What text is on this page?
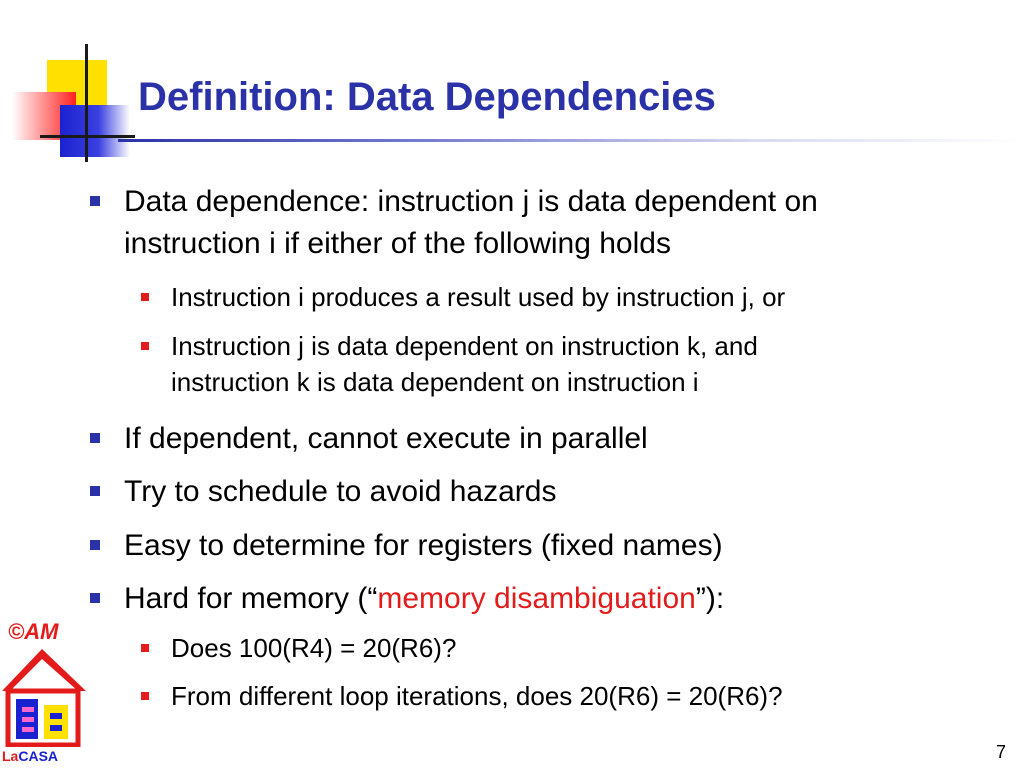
Definition: Data Dependencies
Data dependence: instruction j is data dependent on
instruction i if either of the following holds
Instruction i produces a result used by instruction j, or
Instruction j is data dependent on instruction k, and
instruction k is data dependent on instruction i
If dependent, cannot execute in parallel
Try to schedule to avoid hazards
Easy to determine for registers (fixed names)
Hard for memory (“memory disambiguation”):
Does 100(R4) = 20(R6)?
From different loop iterations, does 20(R6) = 20(R6)?
©AM
LaCASA	7
